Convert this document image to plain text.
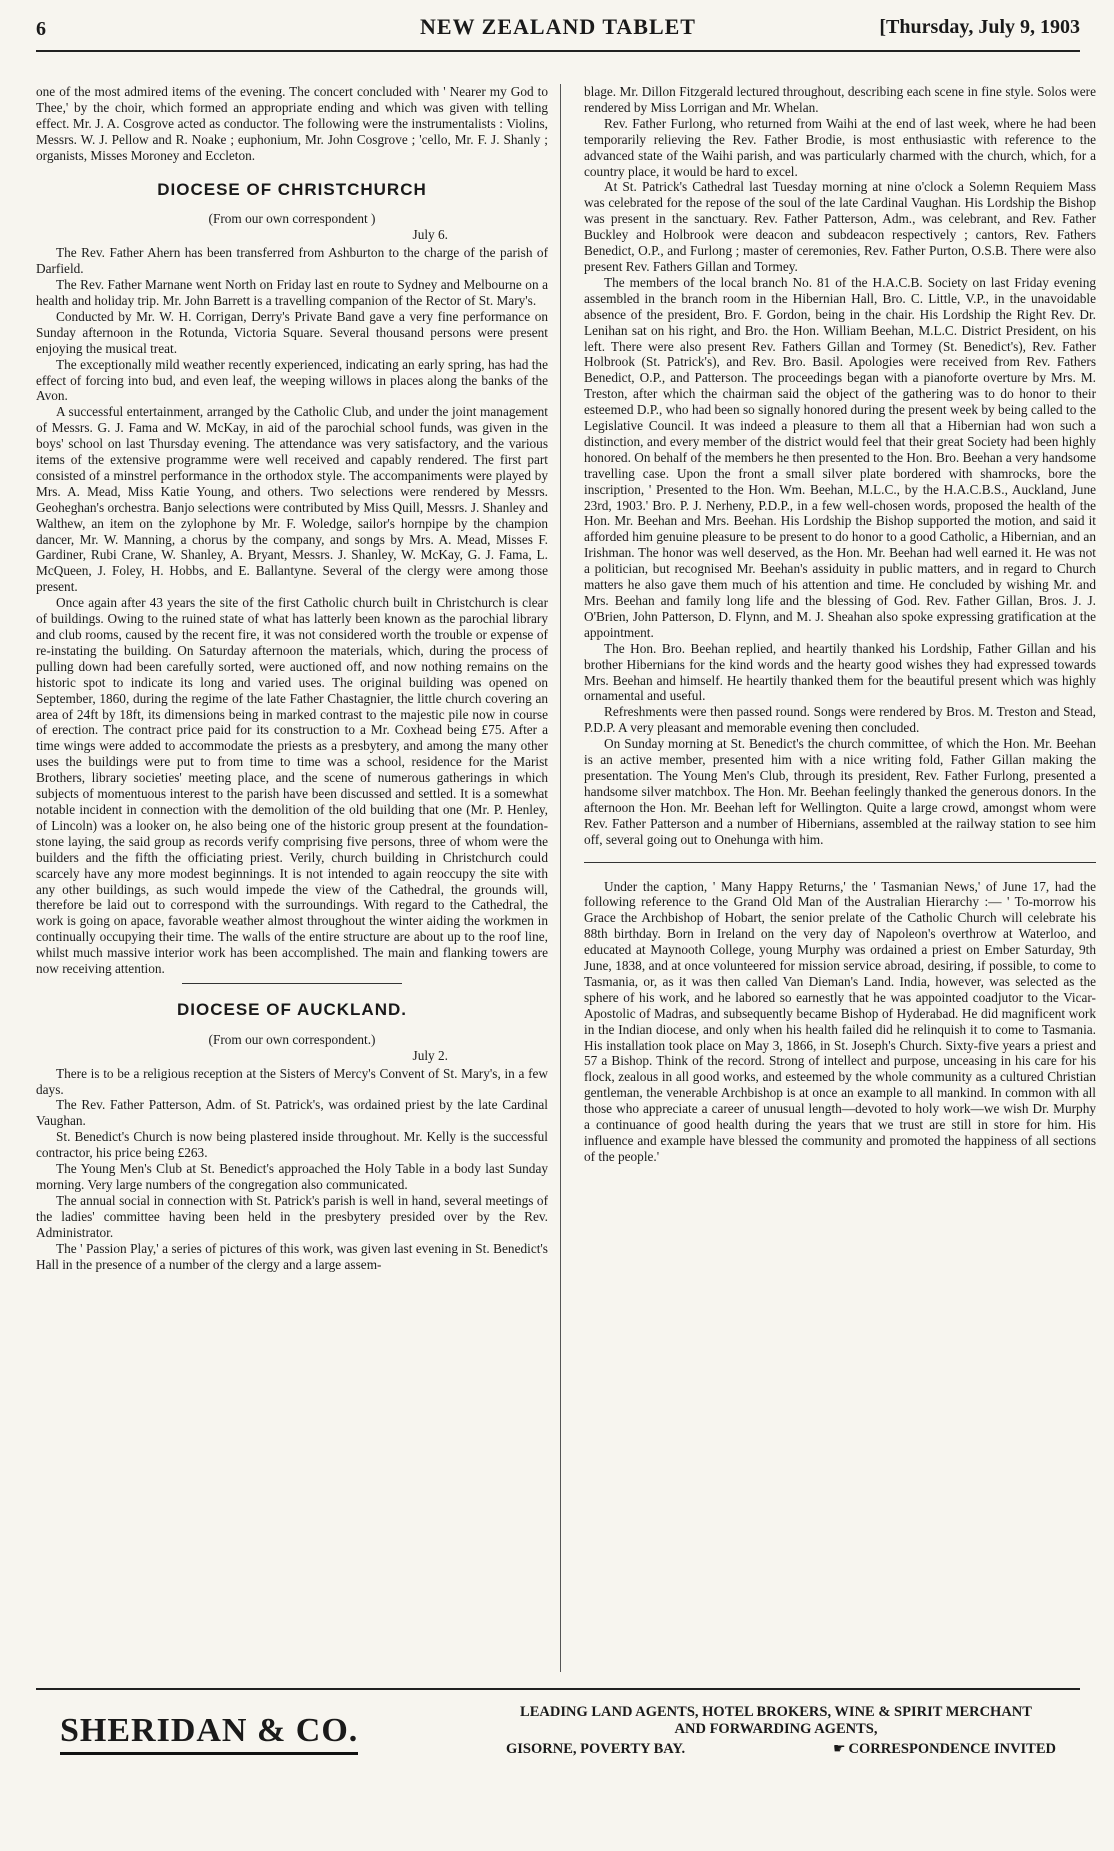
6	NEW ZEALAND TABLET	[Thursday, July 9, 1903

one of the most admired items of the evening. The concert concluded with ' Nearer my God to Thee,' by the choir, which formed an appropriate ending and which was given with telling effect. Mr. J. A. Cosgrove acted as conductor. The following were the instrumentalists : Violins, Messrs. W. J. Pellow and R. Noake ; euphonium, Mr. John Cosgrove ; 'cello, Mr. F. J. Shanly ; organists, Misses Moroney and Eccleton.

DIOCESE OF CHRISTCHURCH

(From our own correspondent )

July 6.

The Rev. Father Ahern has been transferred from Ashburton to the charge of the parish of Darfield.

The Rev. Father Marnane went North on Friday last en route to Sydney and Melbourne on a health and holiday trip. Mr. John Barrett is a travelling companion of the Rector of St. Mary's.

Conducted by Mr. W. H. Corrigan, Derry's Private Band gave a very fine performance on Sunday afternoon in the Rotunda, Victoria Square. Several thousand persons were present enjoying the musical treat.

The exceptionally mild weather recently experienced, indicating an early spring, has had the effect of forcing into bud, and even leaf, the weeping willows in places along the banks of the Avon.

A successful entertainment, arranged by the Catholic Club, and under the joint management of Messrs. G. J. Fama and W. McKay, in aid of the parochial school funds, was given in the boys' school on last Thursday evening. The attendance was very satisfactory, and the various items of the extensive programme were well received and capably rendered. The first part consisted of a minstrel performance in the orthodox style. The accompaniments were played by Mrs. A. Mead, Miss Katie Young, and others. Two selections were rendered by Messrs. Geoheghan's orchestra. Banjo selections were contributed by Miss Quill, Messrs. J. Shanley and Walthew, an item on the zylophone by Mr. F. Woledge, sailor's hornpipe by the champion dancer, Mr. W. Manning, a chorus by the company, and songs by Mrs. A. Mead, Misses F. Gardiner, Rubi Crane, W. Shanley, A. Bryant, Messrs. J. Shanley, W. McKay, G. J. Fama, L. McQueen, J. Foley, H. Hobbs, and E. Ballantyne. Several of the clergy were among those present.

Once again after 43 years the site of the first Catholic church built in Christchurch is clear of buildings. Owing to the ruined state of what has latterly been known as the parochial library and club rooms, caused by the recent fire, it was not considered worth the trouble or expense of re-instating the building. On Saturday afternoon the materials, which, during the process of pulling down had been carefully sorted, were auctioned off, and now nothing remains on the historic spot to indicate its long and varied uses. The original building was opened on September, 1860, during the regime of the late Father Chastagnier, the little church covering an area of 24ft by 18ft, its dimensions being in marked contrast to the majestic pile now in course of erection. The contract price paid for its construction to a Mr. Coxhead being £75. After a time wings were added to accommodate the priests as a presbytery, and among the many other uses the buildings were put to from time to time was a school, residence for the Marist Brothers, library societies' meeting place, and the scene of numerous gatherings in which subjects of momentuous interest to the parish have been discussed and settled. It is a somewhat notable incident in connection with the demolition of the old building that one (Mr. P. Henley, of Lincoln) was a looker on, he also being one of the historic group present at the foundation-stone laying, the said group as records verify comprising five persons, three of whom were the builders and the fifth the officiating priest. Verily, church building in Christchurch could scarcely have any more modest beginnings. It is not intended to again reoccupy the site with any other buildings, as such would impede the view of the Cathedral, the grounds will, therefore be laid out to correspond with the surroundings. With regard to the Cathedral, the work is going on apace, favorable weather almost throughout the winter aiding the workmen in continually occupying their time. The walls of the entire structure are about up to the roof line, whilst much massive interior work has been accomplished. The main and flanking towers are now receiving attention.

DIOCESE OF AUCKLAND.

(From our own correspondent.)

July 2.

There is to be a religious reception at the Sisters of Mercy's Convent of St. Mary's, in a few days.

The Rev. Father Patterson, Adm. of St. Patrick's, was ordained priest by the late Cardinal Vaughan.

St. Benedict's Church is now being plastered inside throughout. Mr. Kelly is the successful contractor, his price being £263.

The Young Men's Club at St. Benedict's approached the Holy Table in a body last Sunday morning. Very large numbers of the congregation also communicated.

The annual social in connection with St. Patrick's parish is well in hand, several meetings of the ladies' committee having been held in the presbytery presided over by the Rev. Administrator.

The ' Passion Play,' a series of pictures of this work, was given last evening in St. Benedict's Hall in the presence of a number of the clergy and a large assem-

blage. Mr. Dillon Fitzgerald lectured throughout, describing each scene in fine style. Solos were rendered by Miss Lorrigan and Mr. Whelan.

Rev. Father Furlong, who returned from Waihi at the end of last week, where he had been temporarily relieving the Rev. Father Brodie, is most enthusiastic with reference to the advanced state of the Waihi parish, and was particularly charmed with the church, which, for a country place, it would be hard to excel.

At St. Patrick's Cathedral last Tuesday morning at nine o'clock a Solemn Requiem Mass was celebrated for the repose of the soul of the late Cardinal Vaughan. His Lordship the Bishop was present in the sanctuary. Rev. Father Patterson, Adm., was celebrant, and Rev. Father Buckley and Holbrook were deacon and subdeacon respectively ; cantors, Rev. Fathers Benedict, O.P., and Furlong ; master of ceremonies, Rev. Father Purton, O.S.B. There were also present Rev. Fathers Gillan and Tormey.

The members of the local branch No. 81 of the H.A.C.B. Society on last Friday evening assembled in the branch room in the Hibernian Hall, Bro. C. Little, V.P., in the unavoidable absence of the president, Bro. F. Gordon, being in the chair. His Lordship the Right Rev. Dr. Lenihan sat on his right, and Bro. the Hon. William Beehan, M.L.C. District President, on his left. There were also present Rev. Fathers Gillan and Tormey (St. Benedict's), Rev. Father Holbrook (St. Patrick's), and Rev. Bro. Basil. Apologies were received from Rev. Fathers Benedict, O.P., and Patterson. The proceedings began with a pianoforte overture by Mrs. M. Treston, after which the chairman said the object of the gathering was to do honor to their esteemed D.P., who had been so signally honored during the present week by being called to the Legislative Council. It was indeed a pleasure to them all that a Hibernian had won such a distinction, and every member of the district would feel that their great Society had been highly honored. On behalf of the members he then presented to the Hon. Bro. Beehan a very handsome travelling case. Upon the front a small silver plate bordered with shamrocks, bore the inscription, ' Presented to the Hon. Wm. Beehan, M.L.C., by the H.A.C.B.S., Auckland, June 23rd, 1903.' Bro. P. J. Nerheny, P.D.P., in a few well-chosen words, proposed the health of the Hon. Mr. Beehan and Mrs. Beehan. His Lordship the Bishop supported the motion, and said it afforded him genuine pleasure to be present to do honor to a good Catholic, a Hibernian, and an Irishman. The honor was well deserved, as the Hon. Mr. Beehan had well earned it. He was not a politician, but recognised Mr. Beehan's assiduity in public matters, and in regard to Church matters he also gave them much of his attention and time. He concluded by wishing Mr. and Mrs. Beehan and family long life and the blessing of God. Rev. Father Gillan, Bros. J. J. O'Brien, John Patterson, D. Flynn, and M. J. Sheahan also spoke expressing gratification at the appointment.

The Hon. Bro. Beehan replied, and heartily thanked his Lordship, Father Gillan and his brother Hibernians for the kind words and the hearty good wishes they had expressed towards Mrs. Beehan and himself. He heartily thanked them for the beautiful present which was highly ornamental and useful.

Refreshments were then passed round. Songs were rendered by Bros. M. Treston and Stead, P.D.P. A very pleasant and memorable evening then concluded.

On Sunday morning at St. Benedict's the church committee, of which the Hon. Mr. Beehan is an active member, presented him with a nice writing fold, Father Gillan making the presentation. The Young Men's Club, through its president, Rev. Father Furlong, presented a handsome silver matchbox. The Hon. Mr. Beehan feelingly thanked the generous donors. In the afternoon the Hon. Mr. Beehan left for Wellington. Quite a large crowd, amongst whom were Rev. Father Patterson and a number of Hibernians, assembled at the railway station to see him off, several going out to Onehunga with him.

Under the caption, ' Many Happy Returns,' the ' Tasmanian News,' of June 17, had the following reference to the Grand Old Man of the Australian Hierarchy :— ' To-morrow his Grace the Archbishop of Hobart, the senior prelate of the Catholic Church will celebrate his 88th birthday. Born in Ireland on the very day of Napoleon's overthrow at Waterloo, and educated at Maynooth College, young Murphy was ordained a priest on Ember Saturday, 9th June, 1838, and at once volunteered for mission service abroad, desiring, if possible, to come to Tasmania, or, as it was then called Van Dieman's Land. India, however, was selected as the sphere of his work, and he labored so earnestly that he was appointed coadjutor to the Vicar-Apostolic of Madras, and subsequently became Bishop of Hyderabad. He did magnificent work in the Indian diocese, and only when his health failed did he relinquish it to come to Tasmania. His installation took place on May 3, 1866, in St. Joseph's Church. Sixty-five years a priest and 57 a Bishop. Think of the record. Strong of intellect and purpose, unceasing in his care for his flock, zealous in all good works, and esteemed by the whole community as a cultured Christian gentleman, the venerable Archbishop is at once an example to all mankind. In common with all those who appreciate a career of unusual length—devoted to holy work—we wish Dr. Murphy a continuance of good health during the years that we trust are still in store for him. His influence and example have blessed the community and promoted the happiness of all sections of the people.'

SHERIDAN & CO.	LEADING LAND AGENTS, HOTEL BROKERS, WINE & SPIRIT MERCHANT
AND FORWARDING AGENTS,
GISORNE, POVERTY BAY.	☛ CORRESPONDENCE INVITED
